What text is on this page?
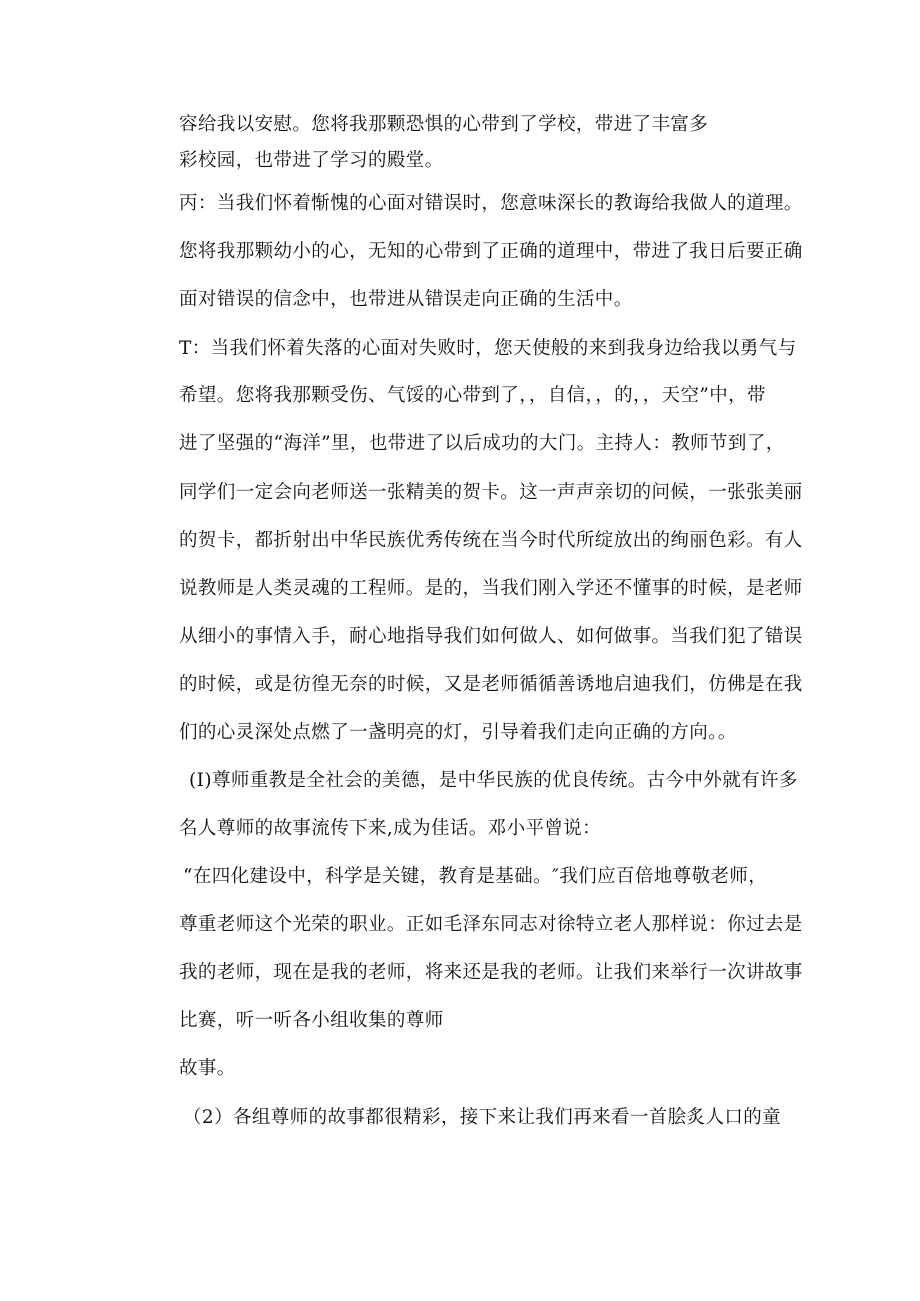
容给我以安慰。您将我那颗恐惧的心带到了学校，带进了丰富多
彩校园，也带进了学习的殿堂。
丙：当我们怀着惭愧的心面对错误时，您意味深长的教诲给我做人的道理。
您将我那颗幼小的心，无知的心带到了正确的道理中，带进了我日后要正确
面对错误的信念中，也带进从错误走向正确的生活中。
T：当我们怀着失落的心面对失败时，您天使般的来到我身边给我以勇气与
希望。您将我那颗受伤、气馁的心带到了，，自信，，的，，天空”中，带
进了坚强的“海洋”里，也带进了以后成功的大门。主持人：教师节到了，
同学们一定会向老师送一张精美的贺卡。这一声声亲切的问候，一张张美丽
的贺卡，都折射出中华民族优秀传统在当今时代所绽放出的绚丽色彩。有人
说教师是人类灵魂的工程师。是的，当我们刚入学还不懂事的时候，是老师
从细小的事情入手，耐心地指导我们如何做人、如何做事。当我们犯了错误
的时候，或是彷徨无奈的时候，又是老师循循善诱地启迪我们，仿佛是在我
们的心灵深处点燃了一盏明亮的灯，引导着我们走向正确的方向。。
(I)尊师重教是全社会的美德，是中华民族的优良传统。古今中外就有许多
名人尊师的故事流传下来,成为佳话。邓小平曾说：
“在四化建设中，科学是关键，教育是基础。″我们应百倍地尊敬老师，
尊重老师这个光荣的职业。正如毛泽东同志对徐特立老人那样说：你过去是
我的老师，现在是我的老师，将来还是我的老师。让我们来举行一次讲故事
比赛，听一听各小组收集的尊师
故事。
（2）各组尊师的故事都很精彩，接下来让我们再来看一首脍炙人口的童
